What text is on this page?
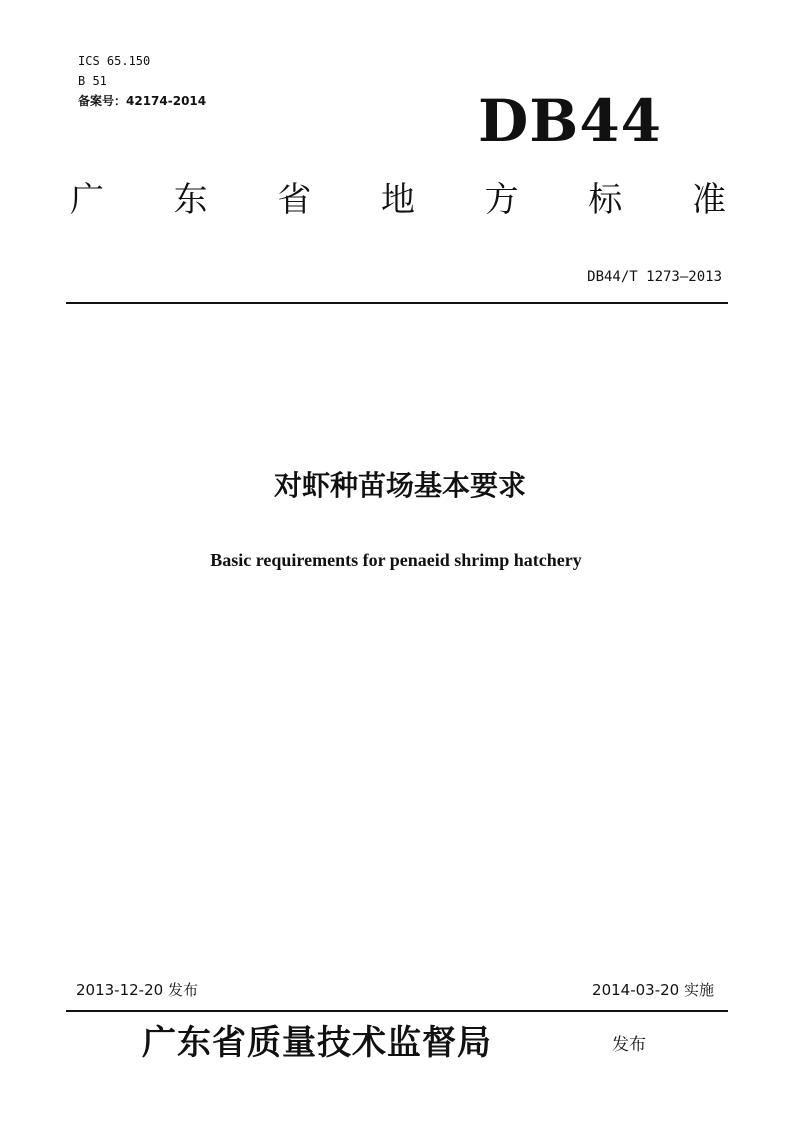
ICS 65.150
B 51
备案号：42174-2014	DB44
广 东 省 地 方 标 准
DB44/T 1273—2013
对虾种苗场基本要求
Basic requirements for penaeid shrimp hatchery
2013-12-20 发布	2014-03-20 实施
广东省质量技术监督局	发布
